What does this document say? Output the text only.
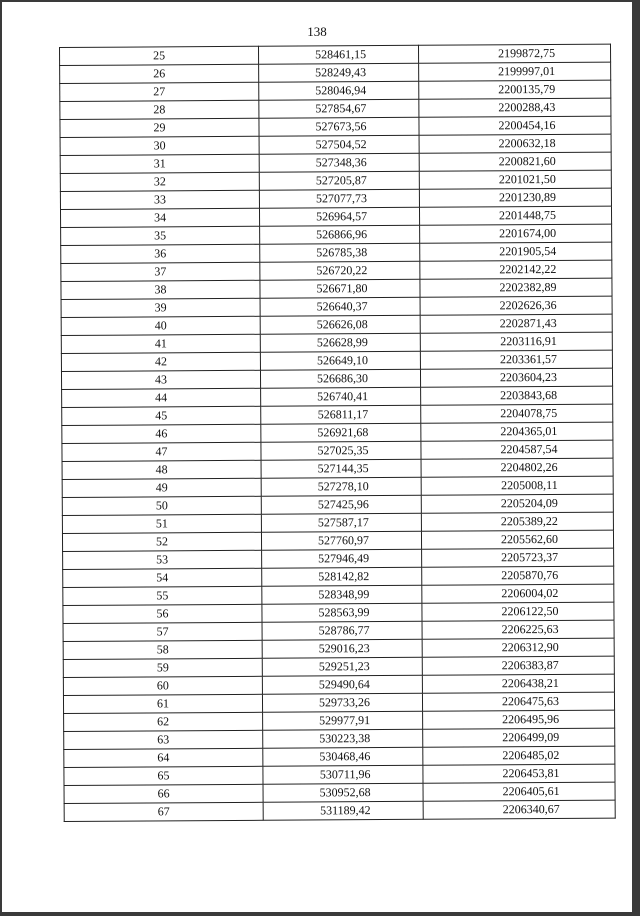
138
25	528461,15	2199872,75
26	528249,43	2199997,01
27	528046,94	2200135,79
28	527854,67	2200288,43
29	527673,56	2200454,16
30	527504,52	2200632,18
31	527348,36	2200821,60
32	527205,87	2201021,50
33	527077,73	2201230,89
34	526964,57	2201448,75
35	526866,96	2201674,00
36	526785,38	2201905,54
37	526720,22	2202142,22
38	526671,80	2202382,89
39	526640,37	2202626,36
40	526626,08	2202871,43
41	526628,99	2203116,91
42	526649,10	2203361,57
43	526686,30	2203604,23
44	526740,41	2203843,68
45	526811,17	2204078,75
46	526921,68	2204365,01
47	527025,35	2204587,54
48	527144,35	2204802,26
49	527278,10	2205008,11
50	527425,96	2205204,09
51	527587,17	2205389,22
52	527760,97	2205562,60
53	527946,49	2205723,37
54	528142,82	2205870,76
55	528348,99	2206004,02
56	528563,99	2206122,50
57	528786,77	2206225,63
58	529016,23	2206312,90
59	529251,23	2206383,87
60	529490,64	2206438,21
61	529733,26	2206475,63
62	529977,91	2206495,96
63	530223,38	2206499,09
64	530468,46	2206485,02
65	530711,96	2206453,81
66	530952,68	2206405,61
67	531189,42	2206340,67
